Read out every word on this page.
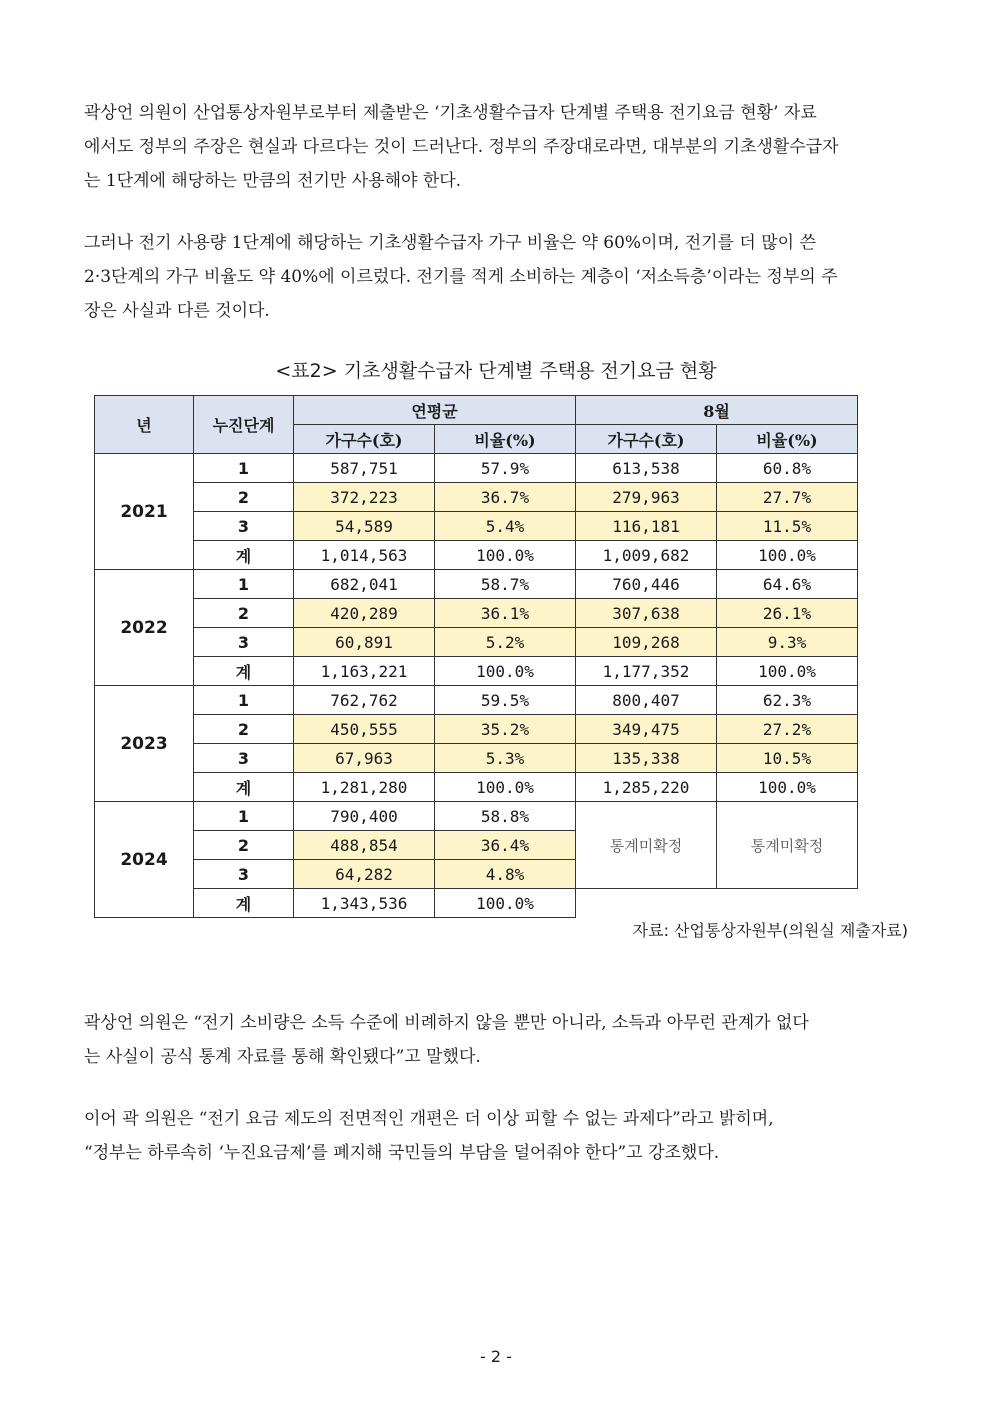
곽상언 의원이 산업통상자원부로부터 제출받은 ‘기초생활수급자 단계별 주택용 전기요금 현황’ 자료
에서도 정부의 주장은 현실과 다르다는 것이 드러난다. 정부의 주장대로라면, 대부분의 기초생활수급자
는 1단계에 해당하는 만큼의 전기만 사용해야 한다.
그러나 전기 사용량 1단계에 해당하는 기초생활수급자 가구 비율은 약 60%이며, 전기를 더 많이 쓴
2·3단계의 가구 비율도 약 40%에 이르렀다. 전기를 적게 소비하는 계층이 ‘저소득층’이라는 정부의 주
장은 사실과 다른 것이다.
<표2> 기초생활수급자 단계별 주택용 전기요금 현황
년	누진단계	연평균		8월	
		가구수(호)	비율(%)	가구수(호)	비율(%)
2021	1	587,751	57.9%	613,538	60.8%
	2	372,223	36.7%	279,963	27.7%
	3	54,589	5.4%	116,181	11.5%
	계	1,014,563	100.0%	1,009,682	100.0%
2022	1	682,041	58.7%	760,446	64.6%
	2	420,289	36.1%	307,638	26.1%
	3	60,891	5.2%	109,268	9.3%
	계	1,163,221	100.0%	1,177,352	100.0%
2023	1	762,762	59.5%	800,407	62.3%
	2	450,555	35.2%	349,475	27.2%
	3	67,963	5.3%	135,338	10.5%
	계	1,281,280	100.0%	1,285,220	100.0%
2024	1	790,400	58.8%	통계미확정	통계미확정
	2	488,854	36.4%		
	3	64,282	4.8%		
	계	1,343,536	100.0%		
자료: 산업통상자원부(의원실 제출자료)
곽상언 의원은 “전기 소비량은 소득 수준에 비례하지 않을 뿐만 아니라, 소득과 아무런 관계가 없다
는 사실이 공식 통계 자료를 통해 확인됐다”고 말했다.
이어 곽 의원은 “전기 요금 제도의 전면적인 개편은 더 이상 피할 수 없는 과제다”라고 밝히며,
“정부는 하루속히 ‘누진요금제’를 폐지해 국민들의 부담을 덜어줘야 한다”고 강조했다.
- 2 -
